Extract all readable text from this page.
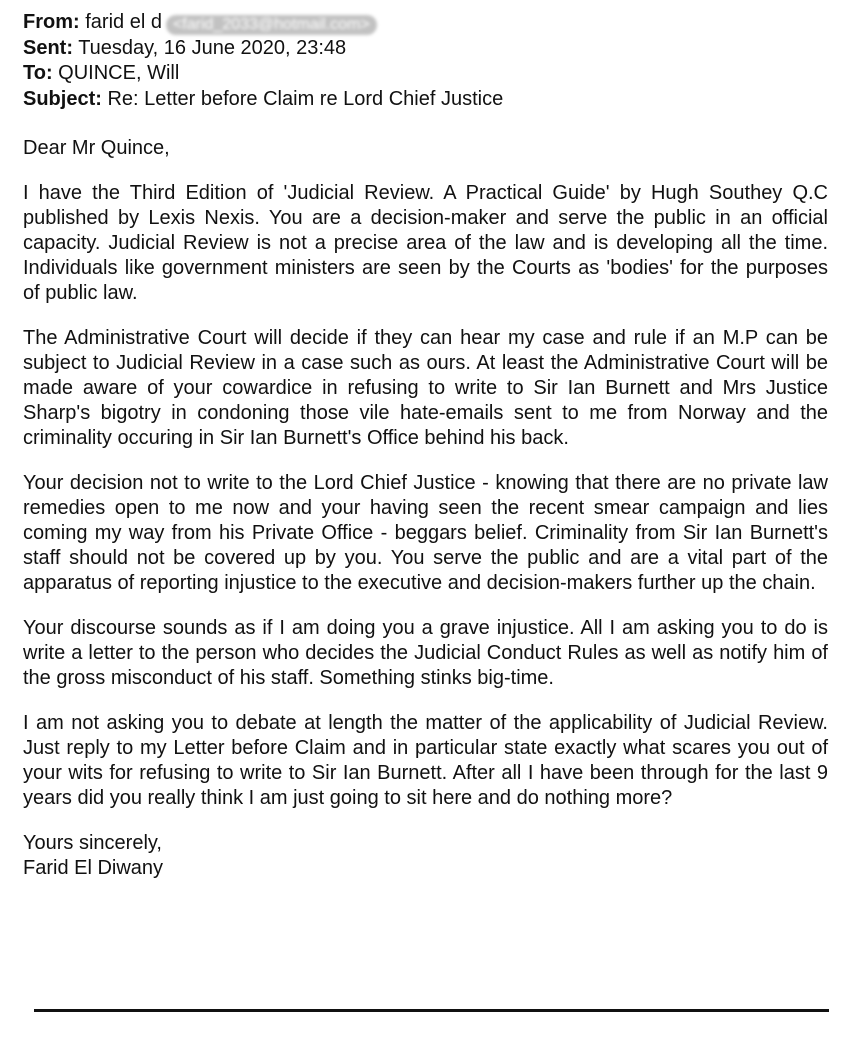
From: farid el d <farid_2033@hotmail.com>
Sent: Tuesday, 16 June 2020, 23:48
To: QUINCE, Will
Subject: Re: Letter before Claim re Lord Chief Justice

Dear Mr Quince,

I have the Third Edition of 'Judicial Review. A Practical Guide' by Hugh Southey Q.C published by Lexis Nexis. You are a decision-maker and serve the public in an official capacity. Judicial Review is not a precise area of the law and is developing all the time. Individuals like government ministers are seen by the Courts as 'bodies' for the purposes of public law.

The Administrative Court will decide if they can hear my case and rule if an M.P can be subject to Judicial Review in a case such as ours. At least the Administrative Court will be made aware of your cowardice in refusing to write to Sir Ian Burnett and Mrs Justice Sharp's bigotry in condoning those vile hate-emails sent to me from Norway and the criminality occuring in Sir Ian Burnett's Office behind his back.

Your decision not to write to the Lord Chief Justice - knowing that there are no private law remedies open to me now and your having seen the recent smear campaign and lies coming my way from his Private Office - beggars belief. Criminality from Sir Ian Burnett's staff should not be covered up by you. You serve the public and are a vital part of the apparatus of reporting injustice to the executive and decision-makers further up the chain.

Your discourse sounds as if I am doing you a grave injustice. All I am asking you to do is write a letter to the person who decides the Judicial Conduct Rules as well as notify him of the gross misconduct of his staff. Something stinks big-time.

I am not asking you to debate at length the matter of the applicability of Judicial Review. Just reply to my Letter before Claim and in particular state exactly what scares you out of your wits for refusing to write to Sir Ian Burnett. After all I have been through for the last 9 years did you really think I am just going to sit here and do nothing more?

Yours sincerely,

Farid El Diwany
